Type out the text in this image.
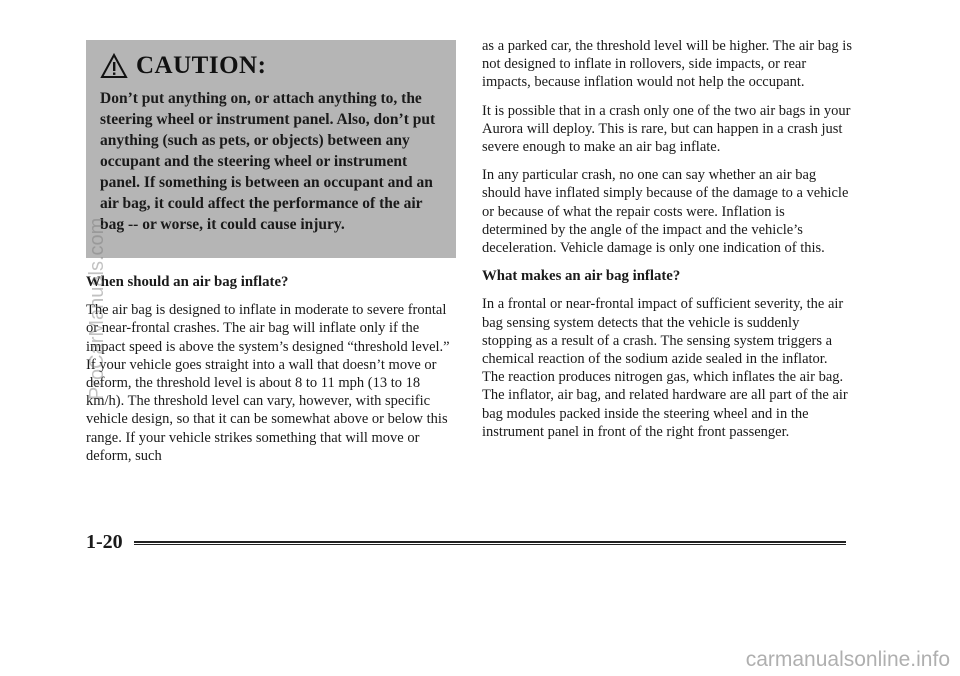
CAUTION:

Don’t put anything on, or attach anything to, the steering wheel or instrument panel. Also, don’t put anything (such as pets, or objects) between any occupant and the steering wheel or instrument panel. If something is between an occupant and an air bag, it could affect the performance of the air bag -- or worse, it could cause injury.

When should an air bag inflate?

The air bag is designed to inflate in moderate to severe frontal or near-frontal crashes. The air bag will inflate only if the impact speed is above the system’s designed “threshold level.” If your vehicle goes straight into a wall that doesn’t move or deform, the threshold level is about 8 to 11 mph (13 to 18 km/h). The threshold level can vary, however, with specific vehicle design, so that it can be somewhat above or below this range. If your vehicle strikes something that will move or deform, such

as a parked car, the threshold level will be higher. The air bag is not designed to inflate in rollovers, side impacts, or rear impacts, because inflation would not help the occupant.

It is possible that in a crash only one of the two air bags in your Aurora will deploy. This is rare, but can happen in a crash just severe enough to make an air bag inflate.

In any particular crash, no one can say whether an air bag should have inflated simply because of the damage to a vehicle or because of what the repair costs were. Inflation is determined by the angle of the impact and the vehicle’s deceleration. Vehicle damage is only one indication of this.

What makes an air bag inflate?

In a frontal or near-frontal impact of sufficient severity, the air bag sensing system detects that the vehicle is suddenly stopping as a result of a crash. The sensing system triggers a chemical reaction of the sodium azide sealed in the inflator. The reaction produces nitrogen gas, which inflates the air bag. The inflator, air bag, and related hardware are all part of the air bag modules packed inside the steering wheel and in the instrument panel in front of the right front passenger.

1-20
ProCarManuals.com
carmanualsonline.info
